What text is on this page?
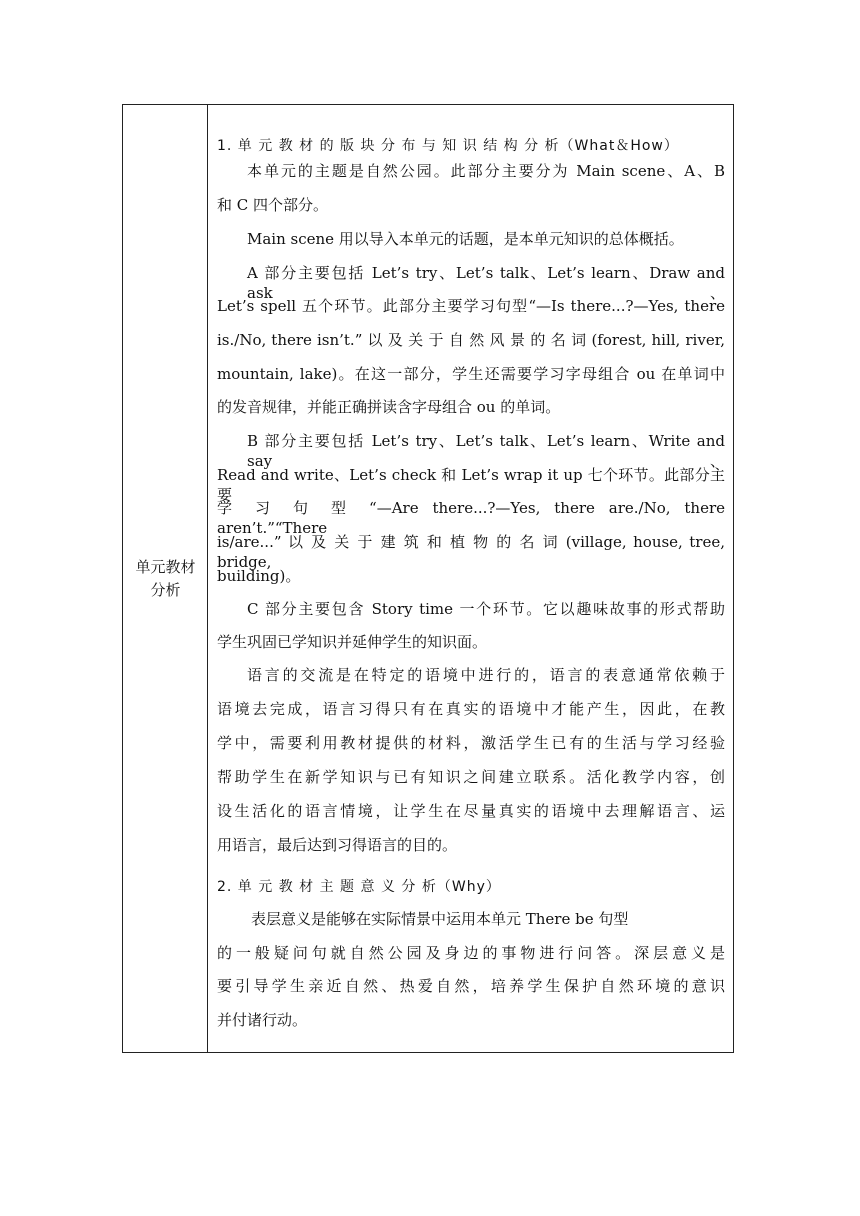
单元教材
分析
1. 单 元 教 材 的 版 块 分 布 与 知 识 结 构 分 析（What＆How）
本单元的主题是自然公园。此部分主要分为 Main scene、A、B
和 C 四个部分。
Main scene 用以导入本单元的话题，是本单元知识的总体概括。
A 部分主要包括 Let’s try、Let’s talk、Let’s learn、Draw and ask、
Let’s spell 五个环节。此部分主要学习句型“—Is there...?—Yes, there
is./No, there isn’t.” 以 及 关 于 自 然 风 景 的 名 词 (forest, hill, river,
mountain, lake)。在这一部分，学生还需要学习字母组合 ou 在单词中
的发音规律，并能正确拼读含字母组合 ou 的单词。
B 部分主要包括 Let’s try、Let’s talk、Let’s learn、Write and say、
Read and write、Let’s check 和 Let’s wrap it up 七个环节。此部分主要
学 习 句 型 “—Are there...?—Yes, there are./No, there aren’t.”“There
is/are...” 以 及 关 于 建 筑 和 植 物 的 名 词 (village, house, tree, bridge,
building)。
C 部分主要包含 Story time 一个环节。它以趣味故事的形式帮助
学生巩固已学知识并延伸学生的知识面。
语言的交流是在特定的语境中进行的，语言的表意通常依赖于
语境去完成，语言习得只有在真实的语境中才能产生，因此，在教
学中，需要利用教材提供的材料，激活学生已有的生活与学习经验
帮助学生在新学知识与已有知识之间建立联系。活化教学内容，创
设生活化的语言情境，让学生在尽量真实的语境中去理解语言、运
用语言，最后达到习得语言的目的。
2. 单 元 教 材 主 题 意 义 分 析（Why）
表层意义是能够在实际情景中运用本单元 There be 句型
的一般疑问句就自然公园及身边的事物进行问答。深层意义是
要引导学生亲近自然、热爱自然，培养学生保护自然环境的意识
并付诸行动。
